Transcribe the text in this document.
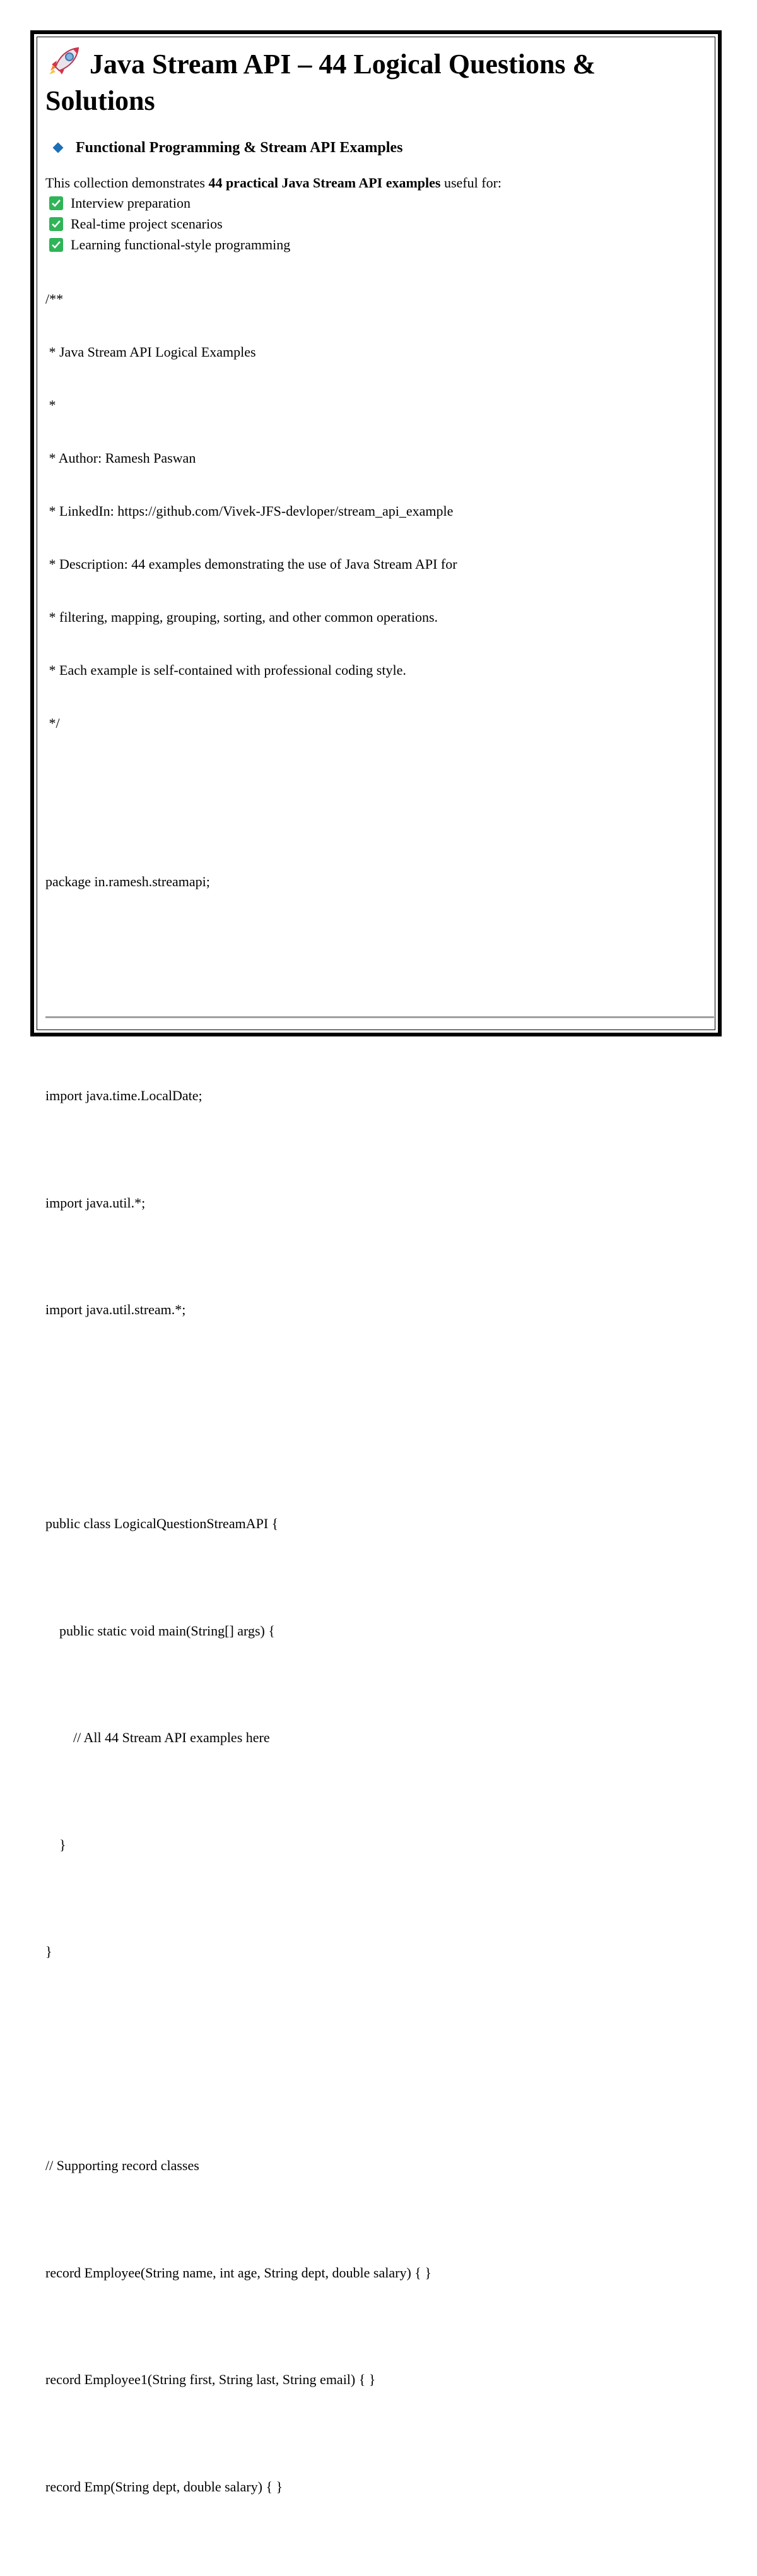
Java Stream API – 44 Logical Questions &
Solutions
Functional Programming & Stream API Examples
This collection demonstrates 44 practical Java Stream API examples useful for:
Interview preparation
Real-time project scenarios
Learning functional-style programming

/**

* Java Stream API Logical Examples

*

* Author: Ramesh Paswan

* LinkedIn: https://github.com/Vivek-JFS-devloper/stream_api_example

* Description: 44 examples demonstrating the use of Java Stream API for

* filtering, mapping, grouping, sorting, and other common operations.

* Each example is self-contained with professional coding style.

*/

package in.ramesh.streamapi;

import java.time.LocalDate;

import java.util.*;

import java.util.stream.*;

public class LogicalQuestionStreamAPI {

public static void main(String[] args) {

// All 44 Stream API examples here

}

}

// Supporting record classes

record Employee(String name, int age, String dept, double salary) { }

record Employee1(String first, String last, String email) { }

record Emp(String dept, double salary) { }
